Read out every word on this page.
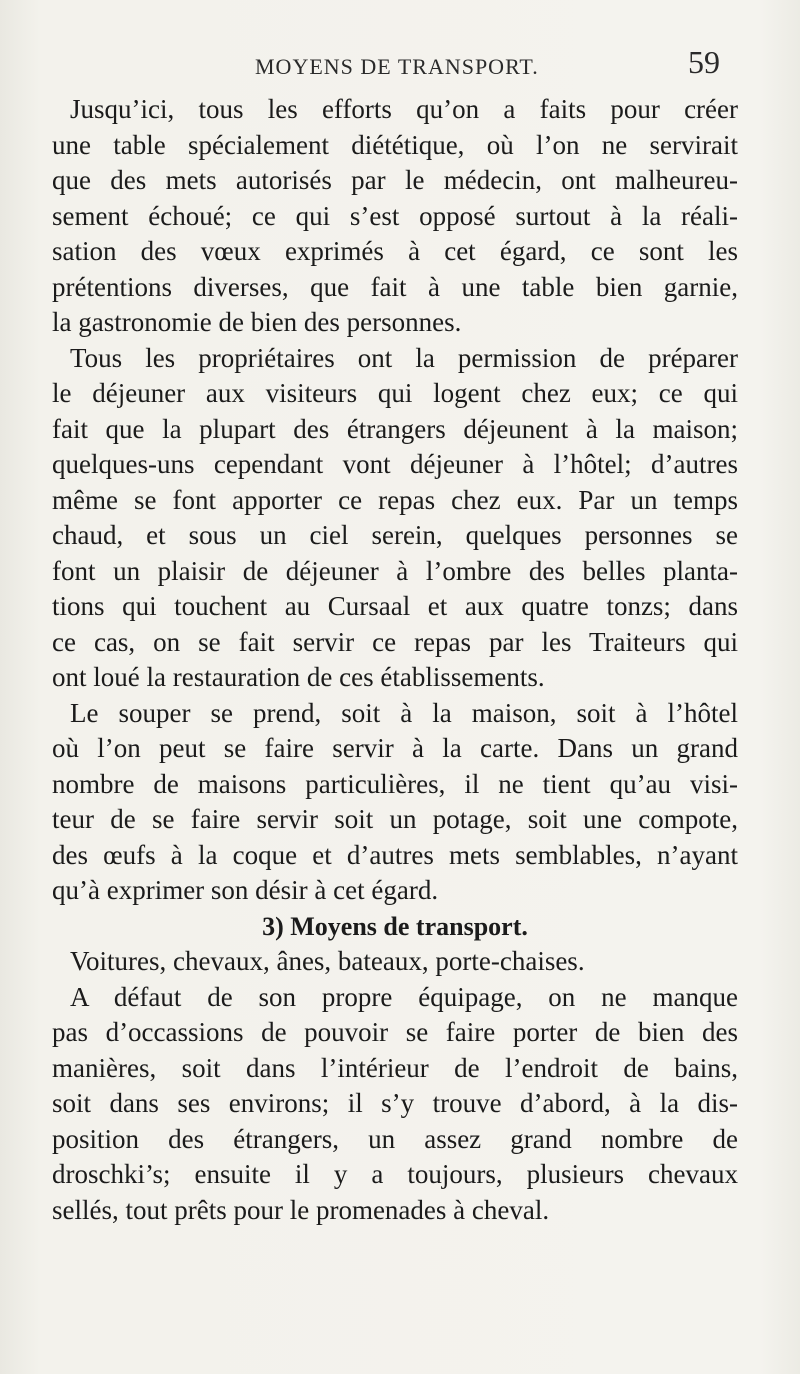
MOYENS DE TRANSPORT.	59
Jusqu’ici, tous les efforts qu’on a faits pour créer
une table spécialement diététique, où l’on ne servirait
que des mets autorisés par le médecin, ont malheureu-
sement échoué; ce qui s’est opposé surtout à la réali-
sation des vœux exprimés à cet égard, ce sont les
prétentions diverses, que fait à une table bien garnie,
la gastronomie de bien des personnes.
Tous les propriétaires ont la permission de préparer
le déjeuner aux visiteurs qui logent chez eux; ce qui
fait que la plupart des étrangers déjeunent à la maison;
quelques-uns cependant vont déjeuner à l’hôtel; d’autres
même se font apporter ce repas chez eux. Par un temps
chaud, et sous un ciel serein, quelques personnes se
font un plaisir de déjeuner à l’ombre des belles planta-
tions qui touchent au Cursaal et aux quatre tonzs; dans
ce cas, on se fait servir ce repas par les Traiteurs qui
ont loué la restauration de ces établissements.
Le souper se prend, soit à la maison, soit à l’hôtel
où l’on peut se faire servir à la carte. Dans un grand
nombre de maisons particulières, il ne tient qu’au visi-
teur de se faire servir soit un potage, soit une compote,
des œufs à la coque et d’autres mets semblables, n’ayant
qu’à exprimer son désir à cet égard.
3) Moyens de transport.
Voitures, chevaux, ânes, bateaux, porte-chaises.
A défaut de son propre équipage, on ne manque
pas d’occassions de pouvoir se faire porter de bien des
manières, soit dans l’intérieur de l’endroit de bains,
soit dans ses environs; il s’y trouve d’abord, à la dis-
position des étrangers, un assez grand nombre de
droschki’s; ensuite il y a toujours, plusieurs chevaux
sellés, tout prêts pour le promenades à cheval.
